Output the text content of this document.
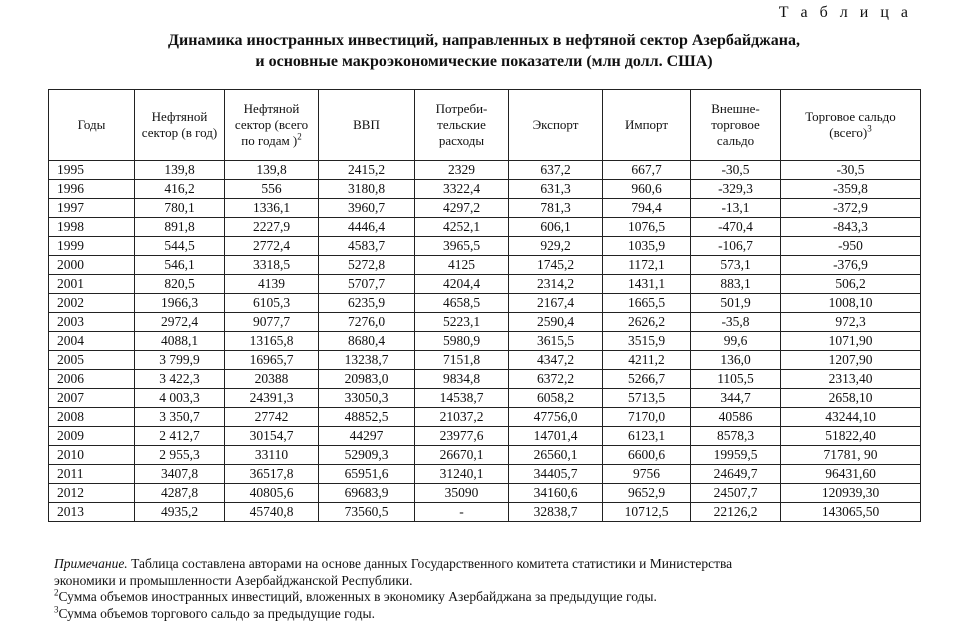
Т а б л и ц а
Динамика иностранных инвестиций, направленных в нефтяной сектор Азербайджана,
и основные макроэкономические показатели (млн долл. США)
Годы	Нефтяной сектор (в год)	Нефтяной сектор (всего по годам )$^2$	ВВП	Потреби-тельские расходы	Экспорт	Импорт	Внешне-торговое сальдо	Торговое сальдо (всего)$^3$
1995	139,8	139,8	2415,2	2329	637,2	667,7	-30,5	-30,5
1996	416,2	556	3180,8	3322,4	631,3	960,6	-329,3	-359,8
1997	780,1	1336,1	3960,7	4297,2	781,3	794,4	-13,1	-372,9
1998	891,8	2227,9	4446,4	4252,1	606,1	1076,5	-470,4	-843,3
1999	544,5	2772,4	4583,7	3965,5	929,2	1035,9	-106,7	-950
2000	546,1	3318,5	5272,8	4125	1745,2	1172,1	573,1	-376,9
2001	820,5	4139	5707,7	4204,4	2314,2	1431,1	883,1	506,2
2002	1966,3	6105,3	6235,9	4658,5	2167,4	1665,5	501,9	1008,10
2003	2972,4	9077,7	7276,0	5223,1	2590,4	2626,2	-35,8	972,3
2004	4088,1	13165,8	8680,4	5980,9	3615,5	3515,9	99,6	1071,90
2005	3 799,9	16965,7	13238,7	7151,8	4347,2	4211,2	136,0	1207,90
2006	3 422,3	20388	20983,0	9834,8	6372,2	5266,7	1105,5	2313,40
2007	4 003,3	24391,3	33050,3	14538,7	6058,2	5713,5	344,7	2658,10
2008	3 350,7	27742	48852,5	21037,2	47756,0	7170,0	40586	43244,10
2009	2 412,7	30154,7	44297	23977,6	14701,4	6123,1	8578,3	51822,40
2010	2 955,3	33110	52909,3	26670,1	26560,1	6600,6	19959,5	71781, 90
2011	3407,8	36517,8	65951,6	31240,1	34405,7	9756	24649,7	96431,60
2012	4287,8	40805,6	69683,9	35090	34160,6	9652,9	24507,7	120939,30
2013	4935,2	45740,8	73560,5	-	32838,7	10712,5	22126,2	143065,50
Примечание. Таблица составлена авторами на основе данных Государственного комитета статистики и Министерства
экономики и промышленности Азербайджанской Республики.
$^2$Сумма объемов иностранных инвестиций, вложенных в экономику Азербайджана за предыдущие годы.
$^3$Сумма объемов торгового сальдо за предыдущие годы.
